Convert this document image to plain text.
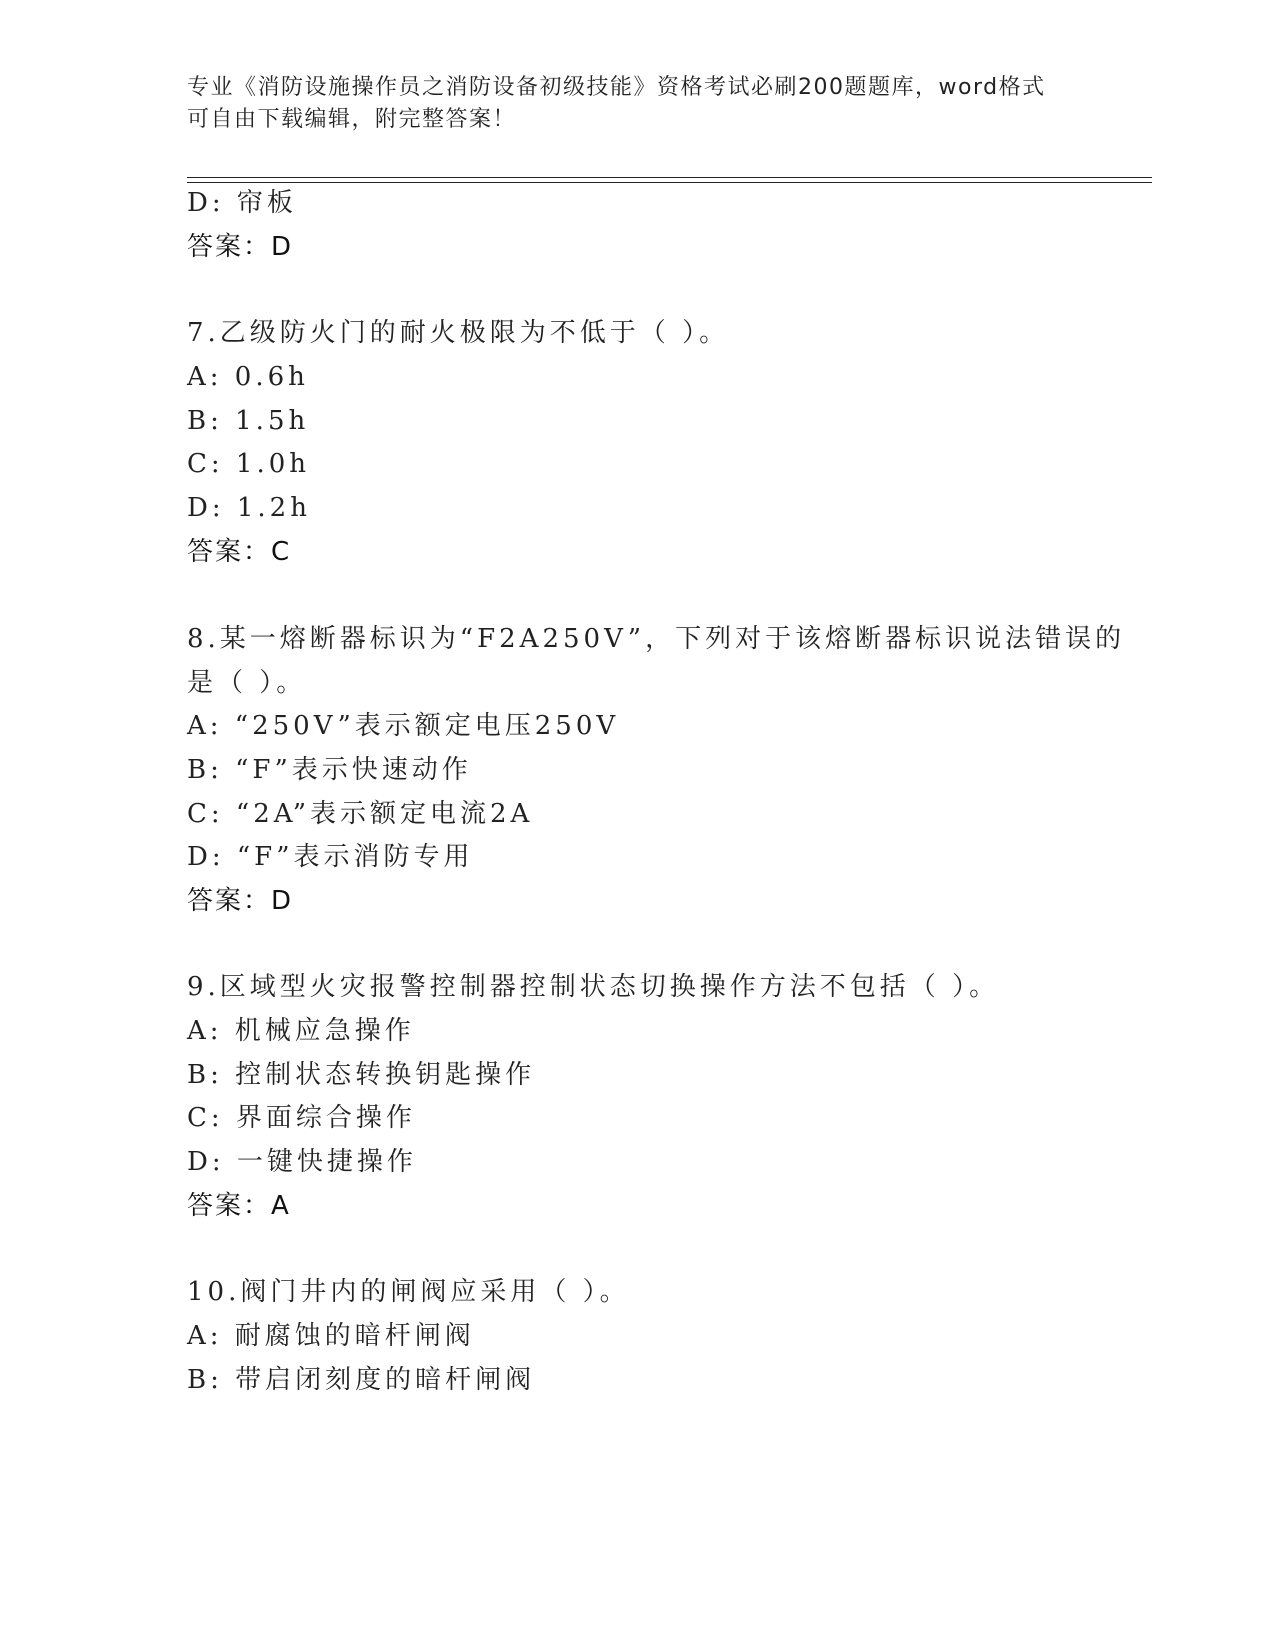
专业《消防设施操作员之消防设备初级技能》资格考试必刷200题题库，word格式可自由下载编辑，附完整答案！
D: 帘板
答案：D
7.乙级防火门的耐火极限为不低于（ ）。
A: 0.6h
B: 1.5h
C: 1.0h
D: 1.2h
答案：C
8.某一熔断器标识为“F2A250V”，下列对于该熔断器标识说法错误的
是（ ）。
A: “250V”表示额定电压250V
B: “F”表示快速动作
C: “2A”表示额定电流2A
D: “F”表示消防专用
答案：D
9.区域型火灾报警控制器控制状态切换操作方法不包括（ ）。
A: 机械应急操作
B: 控制状态转换钥匙操作
C: 界面综合操作
D: 一键快捷操作
答案：A
10.阀门井内的闸阀应采用（ ）。
A: 耐腐蚀的暗杆闸阀
B: 带启闭刻度的暗杆闸阀
